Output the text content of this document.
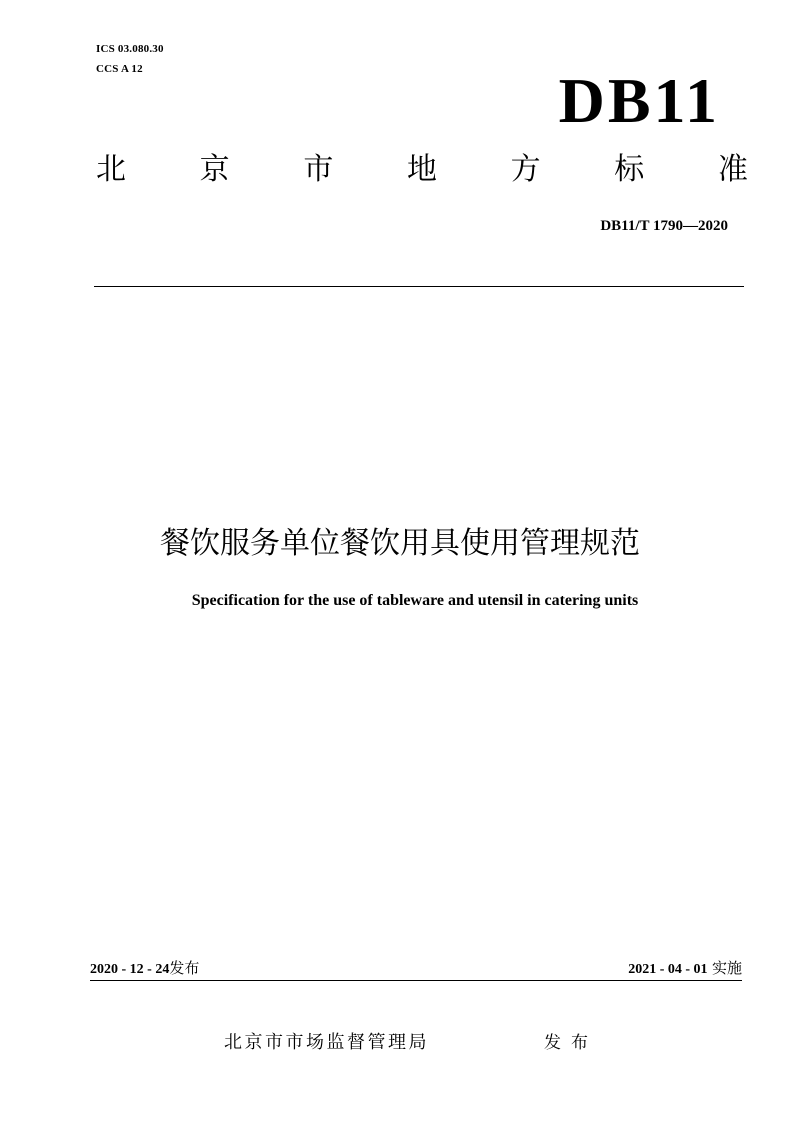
ICS 03.080.30
CCS A 12	DB11
北 京 市 地 方 标 准
DB11/T 1790—2020
餐饮服务单位餐饮用具使用管理规范
Specification for the use of tableware and utensil in catering units
2020 - 12 - 24发布	2021 - 04 - 01 实施
北京市市场监督管理局	发布
